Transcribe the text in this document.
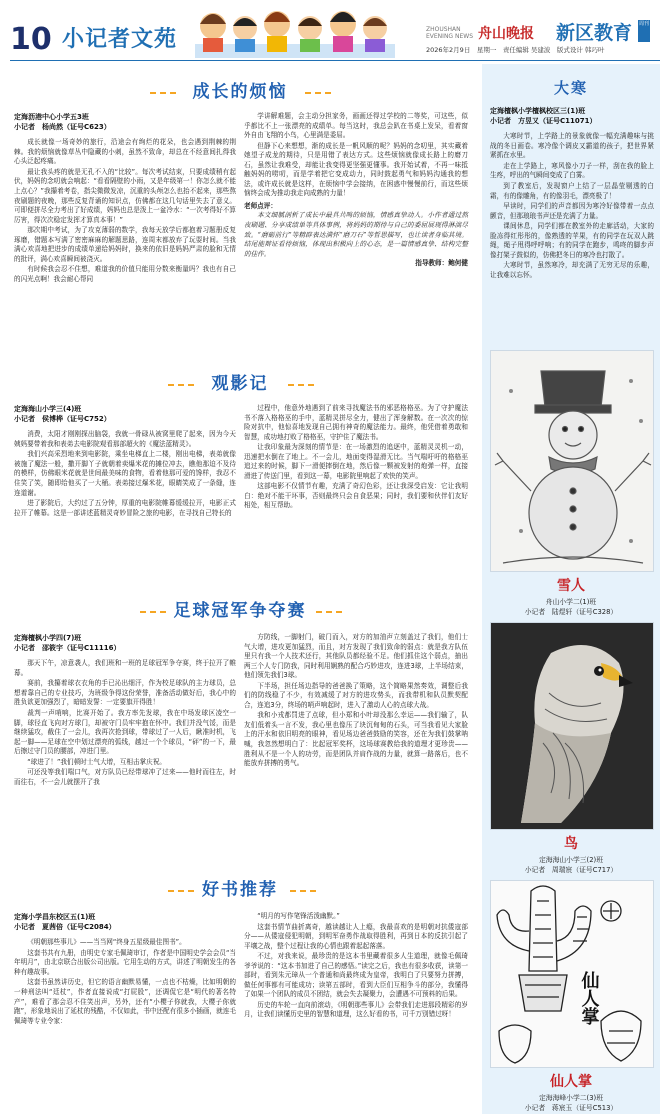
10 小记者文苑	ZHOUSHAN
EVENING NEWS 舟山晚报 新区教育 周刊
2026年2月9日　星期一　责任编辑 吴建波　版式设计 韩巧叶
成长的烦恼
定海沥港中心小学五3班
小记者　杨尚然（证号C623）

成长就像一场奇妙的旅行，沿途会有绚烂的花朵，也会遇到荆棘的荆棘。我的烦恼就像草丛中隐藏的小刺，虽然不致命，却总在不经意间扎得我心头泛起疼痛。

最让我头疼的就是无孔不入的“比较”。每次考试结束，只要成绩稍有起伏，妈妈的念叨就会响起：“看看隔壁的小雨，又是年级第一！你怎么就不能上点心？”我攥着考卷，指尖微微发凉，沉重的头颅怎么也抬不起来，那些熬夜刷题的夜晚，那些反复背诵的知识点，仿佛都在这几句话里失去了意义。可即便拼尽全力考出了好成绩，妈妈也总是泼上一盆冷水：“一次考得好不算厉害，得次次稳定发挥才算真本事！”

那次期中考试，为了攻克薄弱的数学，我每天放学后都抱着习题册反复琢磨，错题本写满了密密麻麻的解题思路，连周末都放弃了玩耍时间。当我满心欢喜地把进步的成绩单递给妈妈时，换来的依旧是妈妈严肃的脸和无情的批评，满心欢喜瞬间被浇灭。

有时候我会忍不住想，难道我的价值只能用分数来衡量吗？我也有自己的闪光点啊！我会耐心帮同

学讲解难题，会主动分担家务，画画还得过学校的二等奖，可这些，似乎都比不上一张漂亮的成绩单。每当这时，我总会趴在书桌上发呆，看着窗外自由飞翔的小鸟，心里满是委屈。

但静下心来想想，渐的成长是一帆风顺的呢？妈妈的念叨里，其实藏着她望子成龙的期待，只是用错了表达方式。这些烦恼就像成长路上的磨刀石，虽然让我难受，却能让我变得更坚强更懂事。我开始试着，不再一味抵触妈妈的唠叨，而是学着把它变成动力，同时鼓起勇气和妈妈沟通我的想法，或许成长就是这样，在烦恼中学会接纳，在困惑中慢慢前行，而这些烦恼终会成为推动我走向成熟的力量！

老师点评：

本文细腻剖析了成长中最具共鸣的烦恼，情感真挚动人。小作者通过熬夜刷题、分享成绩单等具体事例，将妈妈的期待与自己的委屈展现得淋漓尽致。“磨砺前行”等精辟表达满怀“磨刀石”等哲思描写，也让读者身临其境。结尾能辩证看待烦恼，体现出积极向上的心态，是一篇情感真挚、结构完整的佳作。

指导教师：鲍何健

观影记
定海海山小学三(4)班
小记者　侯博桦（证号C752）

消费，太阳才刚刚探出脑袋，我就一骨碌从被窝里爬了起来，因为今天姨妈要带着我和表弟去电影院观看那部超火的《魔法蓝精灵》。

我们兴高采烈地来到电影院，乘坐电梯直上二楼，刚出电梯，表弟就像被施了魔法一般，撒开脚丫子就朝着卖爆米花的摊位冲去，瞧他那迫不及待的模样，仿佛眼米花就是世间最美味的食物，看着他那可爱的馋样，我忍不住笑了笑，随即给他买了一大桶。表弟接过爆米花，眼睛笑成了一条缝，连连道谢。

进了影院后，大约过了五分钟，厚重的电影院帷幕缓缓拉开，电影正式拉开了帷幕。这是一部讲述蓝精灵奇妙冒险之旅的电影，在寻找自己特长的

过程中，他意外地遇到了前来寻找魔法书的邪恶格格巫。为了守护魔法书不落入格格巫的手中，蓝精灵拼尽全力，健出了浑身解数。在一次次的惊险对抗中，他惊喜地发现自己拥有神奇的魔法能力。最终，他凭借着勇敢和智慧，成功地打败了格格巫，守护住了魔法书。

让我印象最为深刻的情节是：在一场激烈的追逐中，蓝精灵灵机一动，迅速把水倒在了地上。不一会儿，地面变得湿滑无比。当气喘吁吁的格格巫追过来的时候，脚下一滑便摔倒在地，然后像一颗被发射的炮弹一样，直接滑进了传送门里，看到这一幕，电影院里响起了欢快的笑声。

这部电影不仅情节有趣，充满了奇幻色彩，还让我深受启发：它让我明白：绝对不能干坏事，否则最终只会自食恶果；同时，我们要和伙伴们友好相处，相互帮助。

足球冠军争夺赛
定海檀枫小学四(7)班
小记者　邵筱宇（证号C11116）

那天下午，凉意袭人，我们班和一班的足球冠军争夺赛，终于拉开了帷幕。

赛前，我攥着球衣衣角的手已沁出细汗，作为校足球队的主力球员，总想着靠自己的专业技巧，为班级争得这份荣誉，准备活动做好后，我心中的胜负欲更加强烈了，暗暗发誓：一定要旗开得胜！

裁判一声哨响，比赛开始了。我方率先发球，我在中场发球区凌空一脚，球径直飞向对方球门，却被守门员牢牢抱在怀中。我们并没气馁，而是继续猛攻，截住了一会儿，我再次抢到球，带球过了一人后，瞅准时机，飞起一脚——足球在空中划过漂亮的弧线，越过一个个球员，“砰”的一下，最后擦过守门员的腰部，冲进门里。

“球进了！”我们顿时士气大增，互相击掌庆祝。

可还没等我们喘口气，对方队员已经带球冲了过来——他时而往左，时而往右，不一会儿就摆开了我

方防线，一脚射门，破门而入，对方的加油声立刻盖过了我们，他们士气大增，进攻更加猛烈，而且，对方发现了我们致命的弱点：就是我方队伍里只有我一个人技术还行，其他队员都经验不足。他们抓住这个弱点，抽出两三个人专门防我，同时利用娴熟的配合巧妙进攻，连进3球，上半场结束，他们领先我们3球。

下半场，担任场边指导的爸爸换了策略，这个简略果然奏效，调整后我们的防线稳了不少，有效减缓了对方的进攻势头，而我带机和队员默契配合，连追3分，终场的哨声响起时，进入了激动人心的点球大战。

我和小戎都罚进了点球，但小郑和小叶却没那么幸运——我们输了，队友们低着头一言不发，我心里也像压了块沉甸甸的石头，可当我看见大家脸上的汗水和依旧明亮的眼神，看见场边爸爸鼓励的笑容，还在为我们鼓掌呐喊，我忽然想明白了：比起冠军奖杯，这场球赛教给我的道理才更珍贵——胜利从不是一个人的功劳，而是团队并肩作战的力量，就算一路落后，也不能放弃拼搏的勇气。

好书推荐
定海小学昌东校区五(1)班
小记者　夏茜倍（证号C2084）

《明朝那些事儿》——当当网“终身五星级最佳图书”。

这套书共有九册，由明史专家毛佩琦审订，作者是中国明史学会会员“当年明月”，由北京联合出版公司出版。它用生动的方式，讲述了明朝发生的各种有趣故事。

这套书虽然讲历史，但它的语言幽默易懂，一点也不枯燥，比如明朝的一种刑法叫“廷杖”，作者直接说成“打屁股”，还调侃它是“明代的著名特产”，难看了那会忍不住笑出声，另外，还有“小樱子你就我，大樱子你就跑”，形象地说出了延杖的残酷，不仅如此，书中还配有很多小插画，就连毛佩琦等专业令家：

“明月的写作笔锋活泼幽默。”

这套书情节曲折离奇，越读越让人上瘾，我最喜欢的是明朝对抗倭寇部分——从倭寇侵犯明朝，到明军奋勇作战取得胜利，再到日本的反抗引起了平壤之战，整个过程让我的心情也跟着起起落落。

不过，对我来说，最珍贵的是这本书里藏着很多人生道理，就像毛佩琦爷爷说的：“这本书加进了自己的感悟。”读完之后，我也有很多收获，读第一部时，看到朱元璋从一个普通和尚最终成为皇帝，我明白了只要努力拼搏，做任何事都有可能成功；读第五部时，看到大臣们互相争斗的部分，我懂得了如果一个团队的成员不团结，就会失去凝聚力，会遭遇不可预料的后果。

历史的车轮一直向前滚动，《明朝那些事儿》会带我们走进那段精彩的岁月，让我们读懂历史里的智慧和道理，这么好看的书，可千万别错过呀！

大寒
定海檀枫小学檀枫校区三(1)班
小记者　方昱又（证号C11071）

大寒时节，上学路上的景象就像一幅充满趣味与挑战的冬日画卷。寒冷像个调皮又霸道的孩子，把世界紧紧抓在水里。

走在上学路上，寒风像小刀子一样，刮在我的脸上生疼，呼出的气瞬间变成了白雾。

到了教室后，发现窗户上结了一层晶莹剔透的白霜，有的像雕角，有的像羽毛，漂亮极了！

早读时，同学们的声音都因为寒冷好像带着一点点颤音，但那琅琅书声还是充满了力量。

课间休息，同学们都在教室外的走廊活动，大家的脸冻得红彤彤的，像熟透的苹果，有的同学在玩双人跳绳，绳子甩得呼呼响；有的同学在跑步，鸣咚的脚步声像打架子鼓似的，仿佛把冬日的寒冷也打散了。

大寒时节，虽然寒冷，却充满了无穷无尽的乐趣，让我难以忘怀。

雪人
舟山小学二(1)班
小记者　陆煜轩（证号C328）
鸟
定海海山小学三(2)班
小记者　周瑞宸（证号C717）
仙人掌
仙人掌
定海海峰小学二(3)班
小记者　蒋宸玉（证号C513）
